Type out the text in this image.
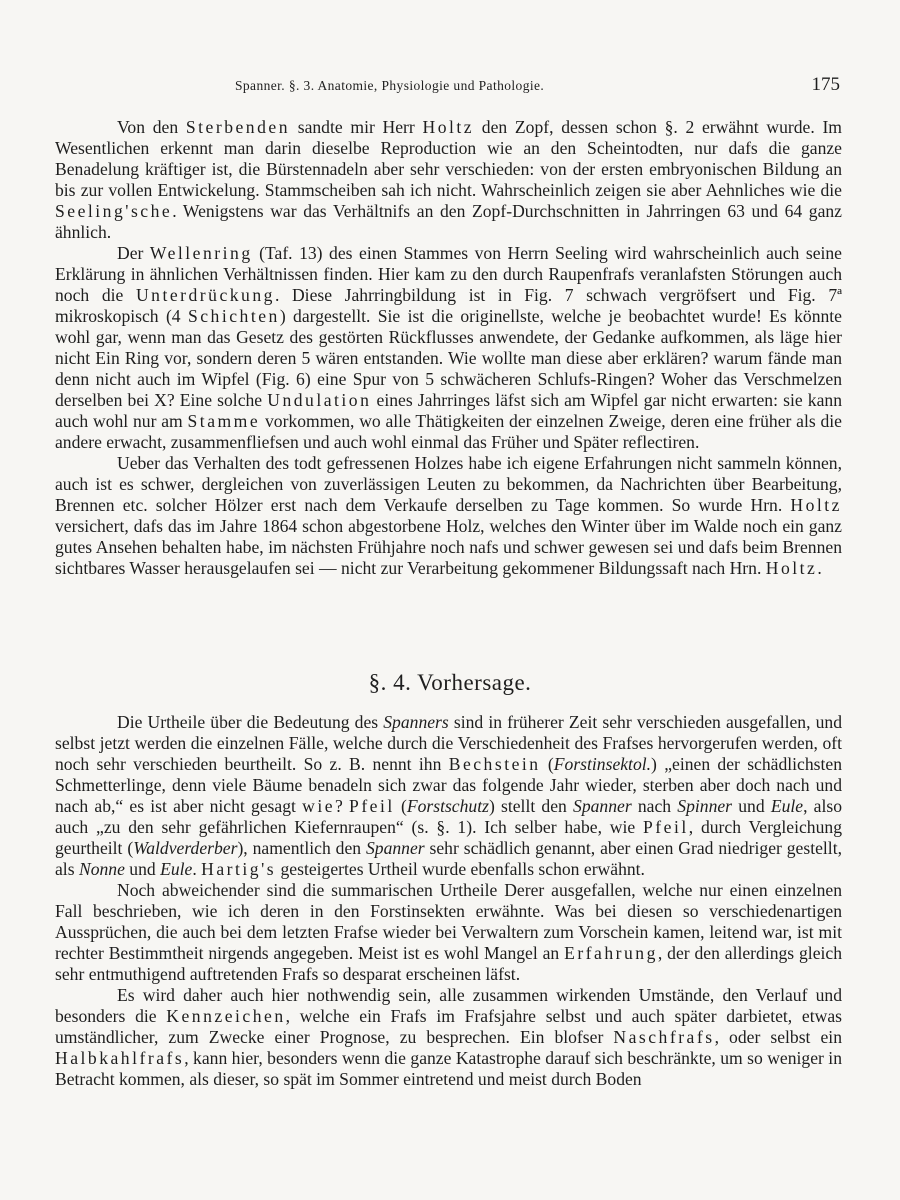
Spanner. §. 3. Anatomie, Physiologie und Pathologie.	175

Von den Sterbenden sandte mir Herr Holtz den Zopf, dessen schon §. 2 erwähnt wurde. Im Wesentlichen erkennt man darin dieselbe Reproduction wie an den Scheintodten, nur dafs die ganze Benadelung kräftiger ist, die Bürstennadeln aber sehr verschieden: von der ersten embryonischen Bildung an bis zur vollen Entwickelung. Stammscheiben sah ich nicht. Wahrscheinlich zeigen sie aber Aehnliches wie die Seeling'sche. Wenigstens war das Verhältnifs an den Zopf-Durchschnitten in Jahrringen 63 und 64 ganz ähnlich.

Der Wellenring (Taf. 13) des einen Stammes von Herrn Seeling wird wahrscheinlich auch seine Erklärung in ähnlichen Verhältnissen finden. Hier kam zu den durch Raupenfrafs veranlafsten Störungen auch noch die Unterdrückung. Diese Jahrringbildung ist in Fig. 7 schwach vergröfsert und Fig. 7ª mikroskopisch (4 Schichten) dargestellt. Sie ist die originellste, welche je beobachtet wurde! Es könnte wohl gar, wenn man das Gesetz des gestörten Rückflusses anwendete, der Gedanke aufkommen, als läge hier nicht Ein Ring vor, sondern deren 5 wären entstanden. Wie wollte man diese aber erklären? warum fände man denn nicht auch im Wipfel (Fig. 6) eine Spur von 5 schwächeren Schlufs-Ringen? Woher das Verschmelzen derselben bei X? Eine solche Undulation eines Jahrringes läfst sich am Wipfel gar nicht erwarten: sie kann auch wohl nur am Stamme vorkommen, wo alle Thätigkeiten der einzelnen Zweige, deren eine früher als die andere erwacht, zusammenfliefsen und auch wohl einmal das Früher und Später reflectiren.

Ueber das Verhalten des todt gefressenen Holzes habe ich eigene Erfahrungen nicht sammeln können, auch ist es schwer, dergleichen von zuverlässigen Leuten zu bekommen, da Nachrichten über Bearbeitung, Brennen etc. solcher Hölzer erst nach dem Verkaufe derselben zu Tage kommen. So wurde Hrn. Holtz versichert, dafs das im Jahre 1864 schon abgestorbene Holz, welches den Winter über im Walde noch ein ganz gutes Ansehen behalten habe, im nächsten Frühjahre noch nafs und schwer gewesen sei und dafs beim Brennen sichtbares Wasser herausgelaufen sei — nicht zur Verarbeitung gekommener Bildungssaft nach Hrn. Holtz.

§. 4. Vorhersage.

Die Urtheile über die Bedeutung des Spanners sind in früherer Zeit sehr verschieden ausgefallen, und selbst jetzt werden die einzelnen Fälle, welche durch die Verschiedenheit des Frafses hervorgerufen werden, oft noch sehr verschieden beurtheilt. So z. B. nennt ihn Bechstein (Forstinsektol.) „einen der schädlichsten Schmetterlinge, denn viele Bäume benadeln sich zwar das folgende Jahr wieder, sterben aber doch nach und nach ab,“ es ist aber nicht gesagt wie? Pfeil (Forstschutz) stellt den Spanner nach Spinner und Eule, also auch „zu den sehr gefährlichen Kiefernraupen“ (s. §. 1). Ich selber habe, wie Pfeil, durch Vergleichung geurtheilt (Waldverderber), namentlich den Spanner sehr schädlich genannt, aber einen Grad niedriger gestellt, als Nonne und Eule. Hartig's gesteigertes Urtheil wurde ebenfalls schon erwähnt.

Noch abweichender sind die summarischen Urtheile Derer ausgefallen, welche nur einen einzelnen Fall beschrieben, wie ich deren in den Forstinsekten erwähnte. Was bei diesen so verschiedenartigen Aussprüchen, die auch bei dem letzten Frafse wieder bei Verwaltern zum Vorschein kamen, leitend war, ist mit rechter Bestimmtheit nirgends angegeben. Meist ist es wohl Mangel an Erfahrung, der den allerdings gleich sehr entmuthigend auftretenden Frafs so desparat erscheinen läfst.

Es wird daher auch hier nothwendig sein, alle zusammen wirkenden Umstände, den Verlauf und besonders die Kennzeichen, welche ein Frafs im Frafsjahre selbst und auch später darbietet, etwas umständlicher, zum Zwecke einer Prognose, zu besprechen. Ein blofser Naschfrafs, oder selbst ein Halbkahlfrafs, kann hier, besonders wenn die ganze Katastrophe darauf sich beschränkte, um so weniger in Betracht kommen, als dieser, so spät im Sommer eintretend und meist durch Boden
